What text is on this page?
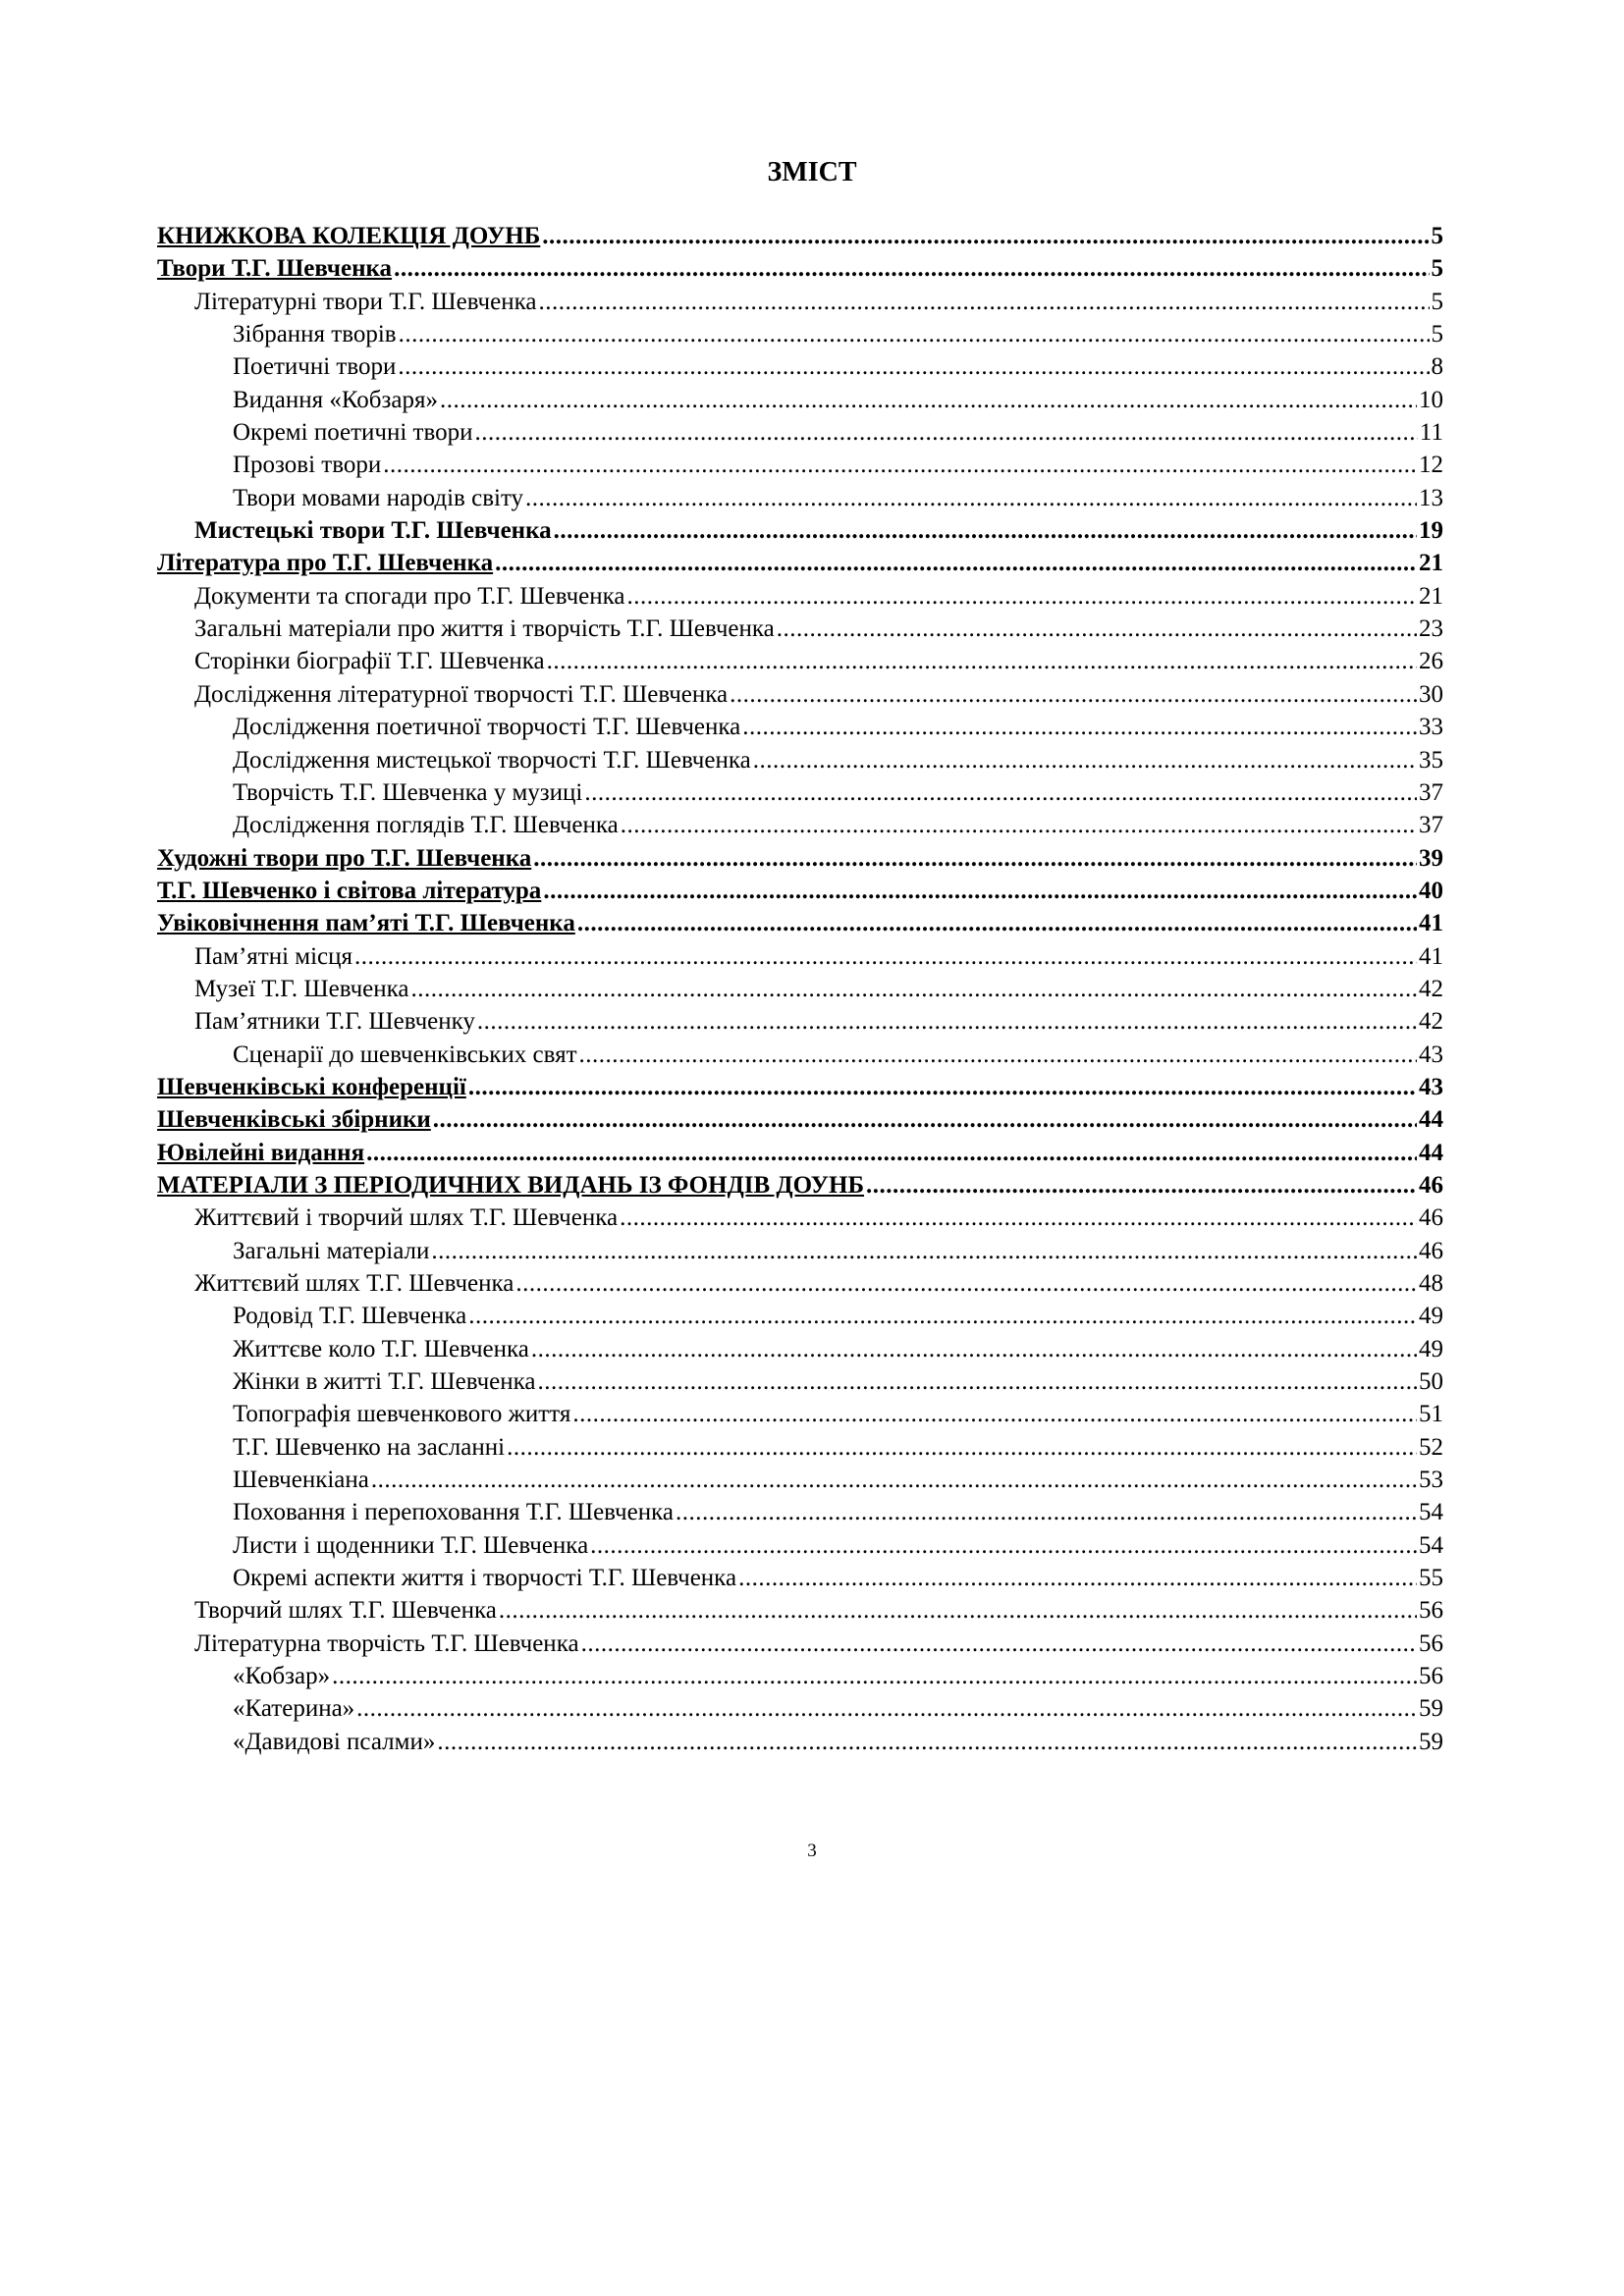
ЗМІСТ
КНИЖКОВА КОЛЕКЦІЯ ДОУНБ .....	5
Твори Т.Г. Шевченка .....	5
Літературні твори Т.Г. Шевченка .....	5
Зібрання творів .....	5
Поетичні твори .....	8
Видання «Кобзаря» .....	10
Окремі поетичні твори .....	11
Прозові твори .....	12
Твори мовами народів світу .....	13
Мистецькі твори Т.Г. Шевченка .....	19
Література про Т.Г. Шевченка .....	21
Документи та спогади про Т.Г. Шевченка .....	21
Загальні матеріали про життя і творчість Т.Г. Шевченка .....	23
Сторінки біографії Т.Г. Шевченка .....	26
Дослідження літературної творчості Т.Г. Шевченка .....	30
Дослідження поетичної творчості Т.Г. Шевченка .....	33
Дослідження мистецької творчості Т.Г. Шевченка .....	35
Творчість Т.Г. Шевченка у музиці .....	37
Дослідження поглядів Т.Г. Шевченка .....	37
Художні твори про Т.Г. Шевченка .....	39
Т.Г. Шевченко і світова література .....	40
Увіковічнення пам’яті Т.Г. Шевченка .....	41
Пам’ятні місця .....	41
Музеї Т.Г. Шевченка .....	42
Пам’ятники Т.Г. Шевченку .....	42
Сценарії до шевченківських свят .....	43
Шевченківські конференції .....	43
Шевченківські збірники .....	44
Ювілейні видання .....	44
МАТЕРІАЛИ З ПЕРІОДИЧНИХ ВИДАНЬ ІЗ ФОНДІВ ДОУНБ .....	46
Життєвий і творчий шлях Т.Г. Шевченка .....	46
Загальні матеріали .....	46
Життєвий шлях Т.Г. Шевченка .....	48
Родовід Т.Г. Шевченка .....	49
Життєве коло Т.Г. Шевченка .....	49
Жінки в житті Т.Г. Шевченка .....	50
Топографія шевченкового життя .....	51
Т.Г. Шевченко на засланні .....	52
Шевченкіана .....	53
Поховання і перепоховання Т.Г. Шевченка .....	54
Листи і щоденники Т.Г. Шевченка .....	54
Окремі аспекти життя і творчості Т.Г. Шевченка .....	55
Творчий шлях Т.Г. Шевченка .....	56
Літературна творчість Т.Г. Шевченка .....	56
«Кобзар» .....	56
«Катерина» .....	59
«Давидові псалми» .....	59
3
